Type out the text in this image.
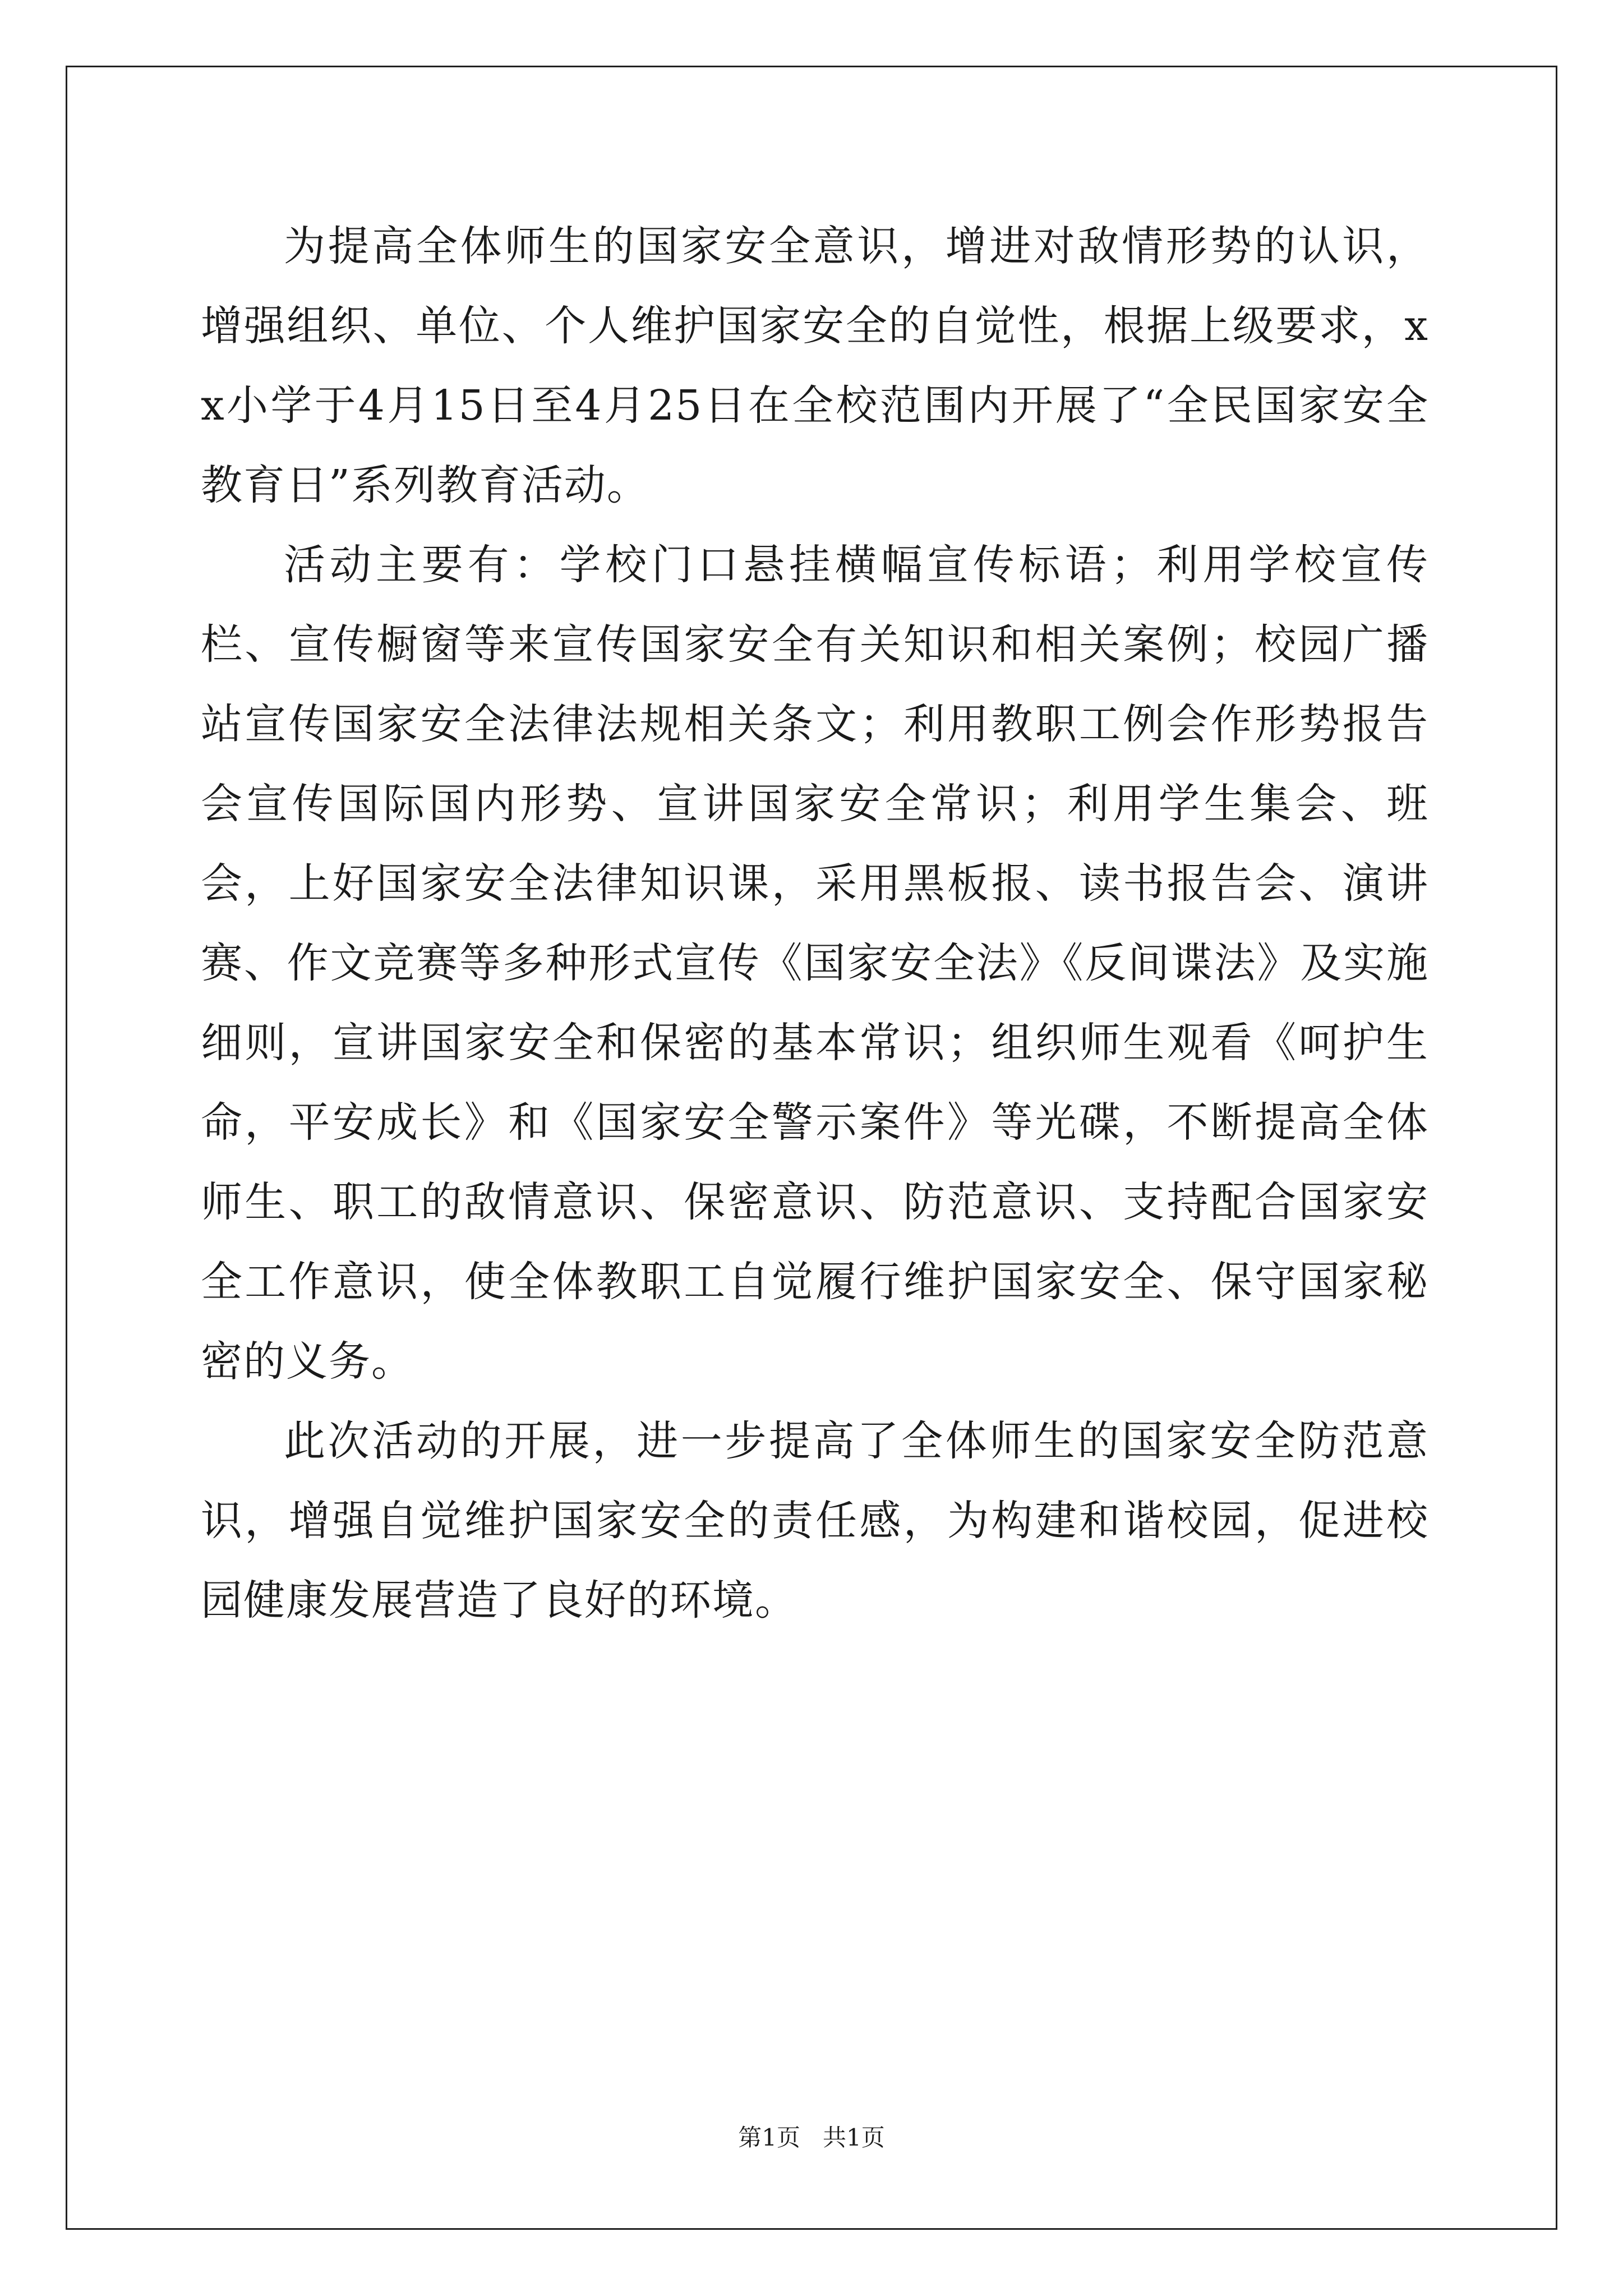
为提高全体师生的国家安全意识，增进对敌情形势的认识，增强组织、单位、个人维护国家安全的自觉性，根据上级要求，xx小学于4月15日至4月25日在全校范围内开展了“全民国家安全教育日”系列教育活动。

活动主要有：学校门口悬挂横幅宣传标语；利用学校宣传栏、宣传橱窗等来宣传国家安全有关知识和相关案例；校园广播站宣传国家安全法律法规相关条文；利用教职工例会作形势报告会宣传国际国内形势、宣讲国家安全常识；利用学生集会、班会，上好国家安全法律知识课，采用黑板报、读书报告会、演讲赛、作文竞赛等多种形式宣传《国家安全法》《反间谍法》及实施细则，宣讲国家安全和保密的基本常识；组织师生观看《呵护生命，平安成长》和《国家安全警示案件》等光碟，不断提高全体师生、职工的敌情意识、保密意识、防范意识、支持配合国家安全工作意识，使全体教职工自觉履行维护国家安全、保守国家秘密的义务。

此次活动的开展，进一步提高了全体师生的国家安全防范意识，增强自觉维护国家安全的责任感，为构建和谐校园，促进校园健康发展营造了良好的环境。

第1页   共1页
